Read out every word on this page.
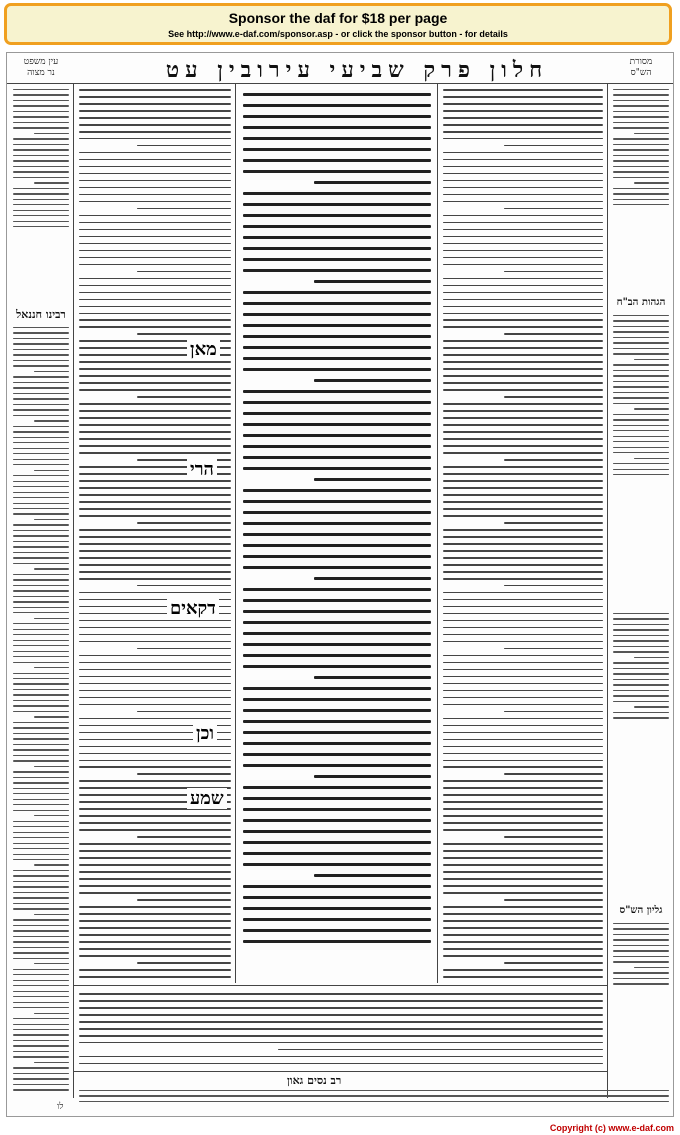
Sponsor the daf for $18 per page
See http://www.e-daf.com/sponsor.asp - or click the sponsor button - for details
חלון פרק שביעי עירובין עט
עין משפט
נר מצוה
מסורת
הש"ס
רבינו חננאל
מאן
הרי
דקאים
וכן
שמע
הגהות הב"ח
גליון הש"ס
רב נסים גאון
לו
Copyright (c) www.e-daf.com
